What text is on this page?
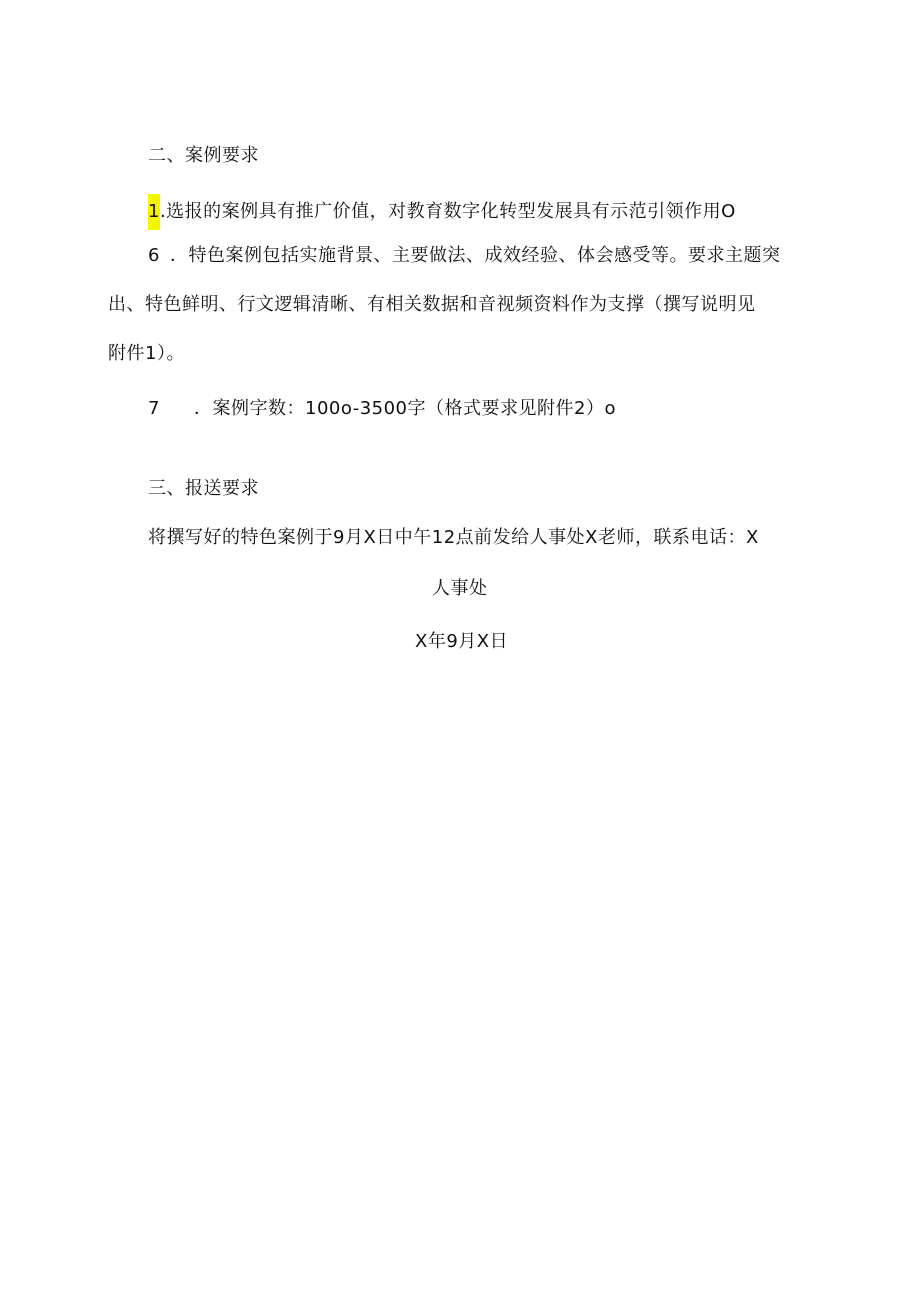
二、案例要求
1.选报的案例具有推广价值，对教育数字化转型发展具有示范引领作用O
6 ．特色案例包括实施背景、主要做法、成效经验、体会感受等。要求主题突
出、特色鲜明、行文逻辑清晰、有相关数据和音视频资料作为支撑（撰写说明见
附件1）。
7 ．案例字数：100o-3500字（格式要求见附件2）o
三、报送要求
将撰写好的特色案例于9月X日中午12点前发给人事处X老师，联系电话：X
人事处
X年9月X日
